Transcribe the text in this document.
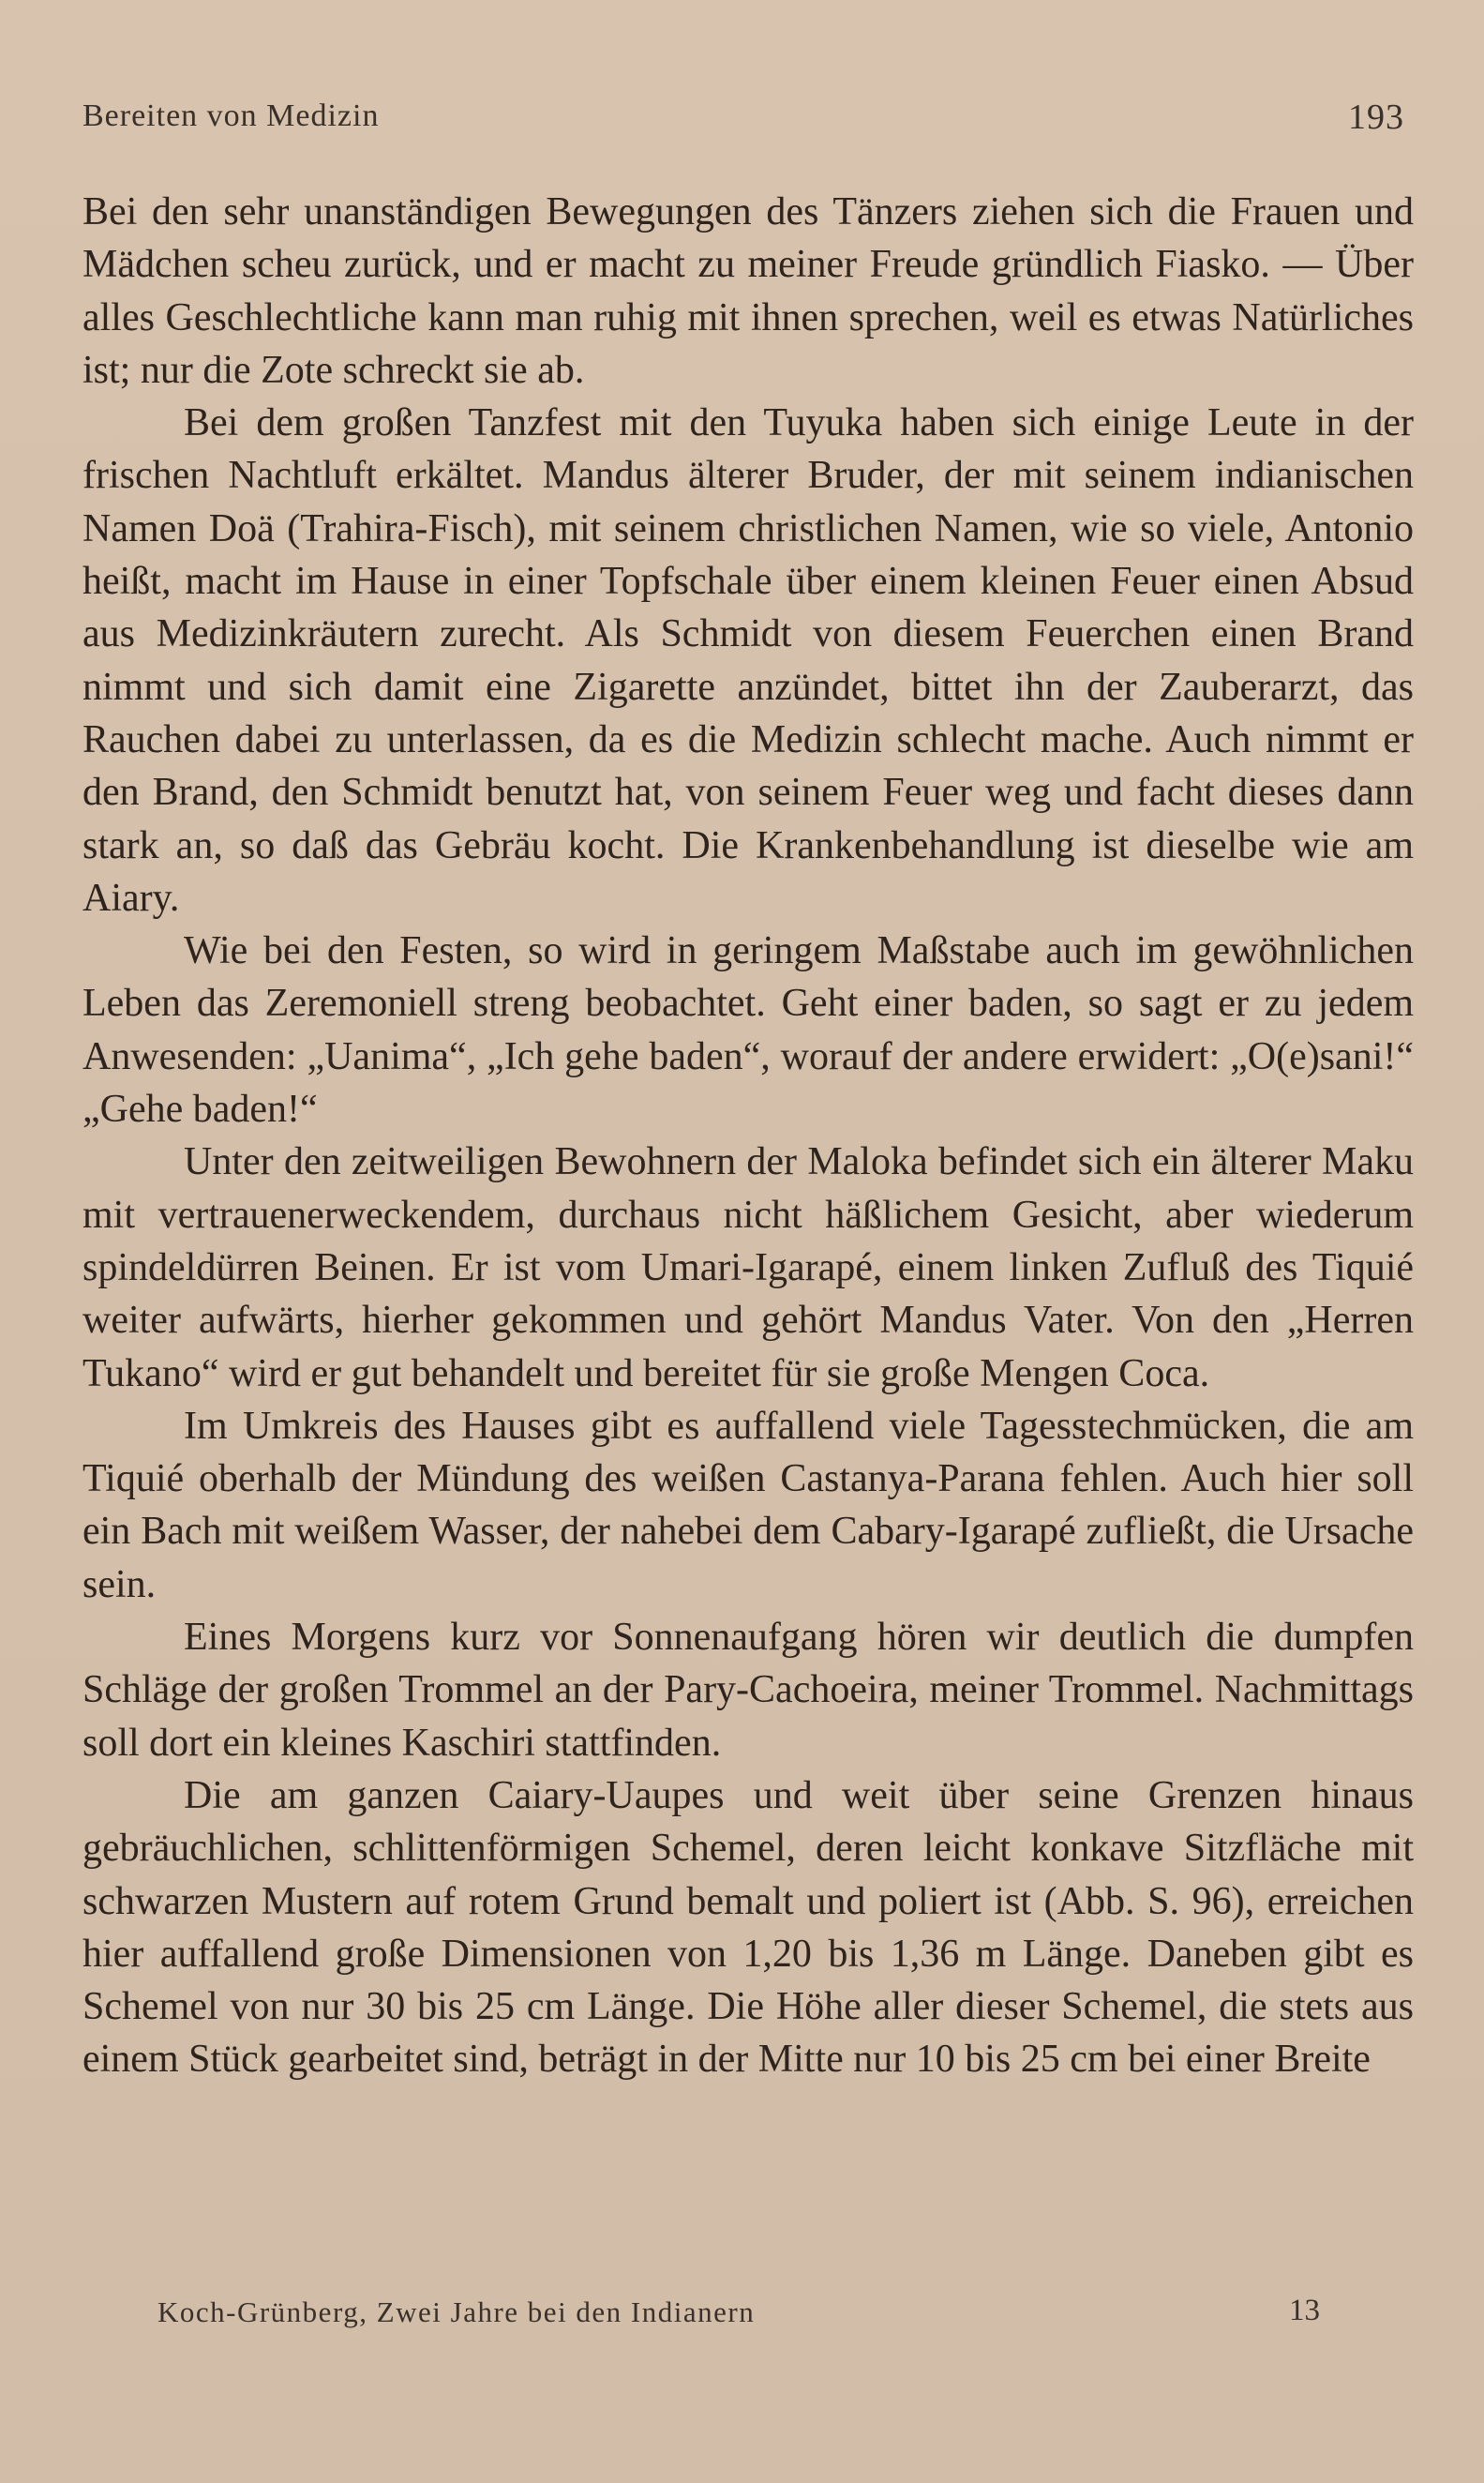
Bereiten von Medizin	193

Bei den sehr unanständigen Bewegungen des Tänzers ziehen sich die Frauen und Mädchen scheu zurück, und er macht zu meiner Freude gründlich Fiasko. — Über alles Geschlechtliche kann man ruhig mit ihnen sprechen, weil es etwas Natürliches ist; nur die Zote schreckt sie ab.

Bei dem großen Tanzfest mit den Tuyuka haben sich einige Leute in der frischen Nachtluft erkältet. Mandus älterer Bruder, der mit seinem indianischen Namen Doä (Trahira-Fisch), mit seinem christlichen Namen, wie so viele, Antonio heißt, macht im Hause in einer Topfschale über einem kleinen Feuer einen Absud aus Medizinkräutern zurecht. Als Schmidt von diesem Feuerchen einen Brand nimmt und sich damit eine Zigarette anzündet, bittet ihn der Zauberarzt, das Rauchen dabei zu unterlassen, da es die Medizin schlecht mache. Auch nimmt er den Brand, den Schmidt benutzt hat, von seinem Feuer weg und facht dieses dann stark an, so daß das Gebräu kocht. Die Krankenbehandlung ist dieselbe wie am Aiary.

Wie bei den Festen, so wird in geringem Maßstabe auch im gewöhnlichen Leben das Zeremoniell streng beobachtet. Geht einer baden, so sagt er zu jedem Anwesenden: „Uanima“, „Ich gehe baden“, worauf der andere erwidert: „O(e)sani!“ „Gehe baden!“

Unter den zeitweiligen Bewohnern der Maloka befindet sich ein älterer Maku mit vertrauenerweckendem, durchaus nicht häßlichem Gesicht, aber wiederum spindeldürren Beinen. Er ist vom Umari-Igarapé, einem linken Zufluß des Tiquié weiter aufwärts, hierher gekommen und gehört Mandus Vater. Von den „Herren Tukano“ wird er gut behandelt und bereitet für sie große Mengen Coca.

Im Umkreis des Hauses gibt es auffallend viele Tagesstechmücken, die am Tiquié oberhalb der Mündung des weißen Castanya-Parana fehlen. Auch hier soll ein Bach mit weißem Wasser, der nahebei dem Cabary-Igarapé zufließt, die Ursache sein.

Eines Morgens kurz vor Sonnenaufgang hören wir deutlich die dumpfen Schläge der großen Trommel an der Pary-Cachoeira, meiner Trommel. Nachmittags soll dort ein kleines Kaschiri stattfinden.

Die am ganzen Caiary-Uaupes und weit über seine Grenzen hinaus gebräuchlichen, schlittenförmigen Schemel, deren leicht konkave Sitzfläche mit schwarzen Mustern auf rotem Grund bemalt und poliert ist (Abb. S. 96), erreichen hier auffallend große Dimensionen von 1,20 bis 1,36 m Länge. Daneben gibt es Schemel von nur 30 bis 25 cm Länge. Die Höhe aller dieser Schemel, die stets aus einem Stück gearbeitet sind, beträgt in der Mitte nur 10 bis 25 cm bei einer Breite

Koch-Grünberg, Zwei Jahre bei den Indianern	13
